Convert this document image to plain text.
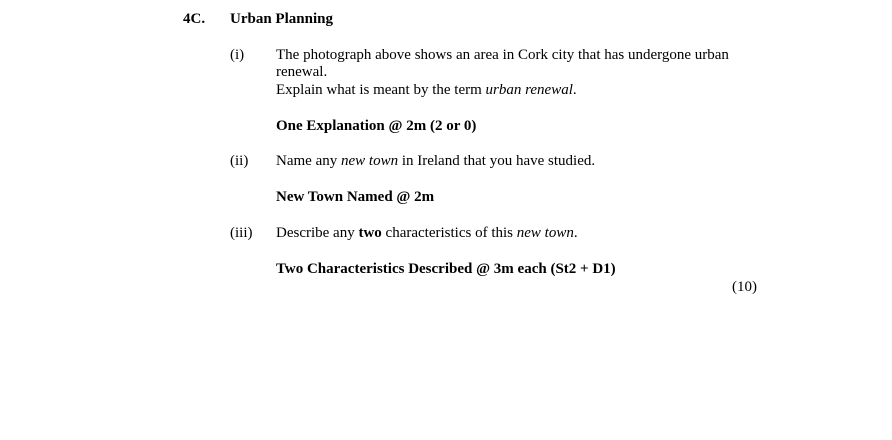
4C. Urban Planning
(i) The photograph above shows an area in Cork city that has undergone urban
renewal.
Explain what is meant by the term urban renewal.
One Explanation @ 2m (2 or 0)
(ii) Name any new town in Ireland that you have studied.
New Town Named @ 2m
(iii) Describe any two characteristics of this new town.
Two Characteristics Described @ 3m each (St2 + D1)
(10)
